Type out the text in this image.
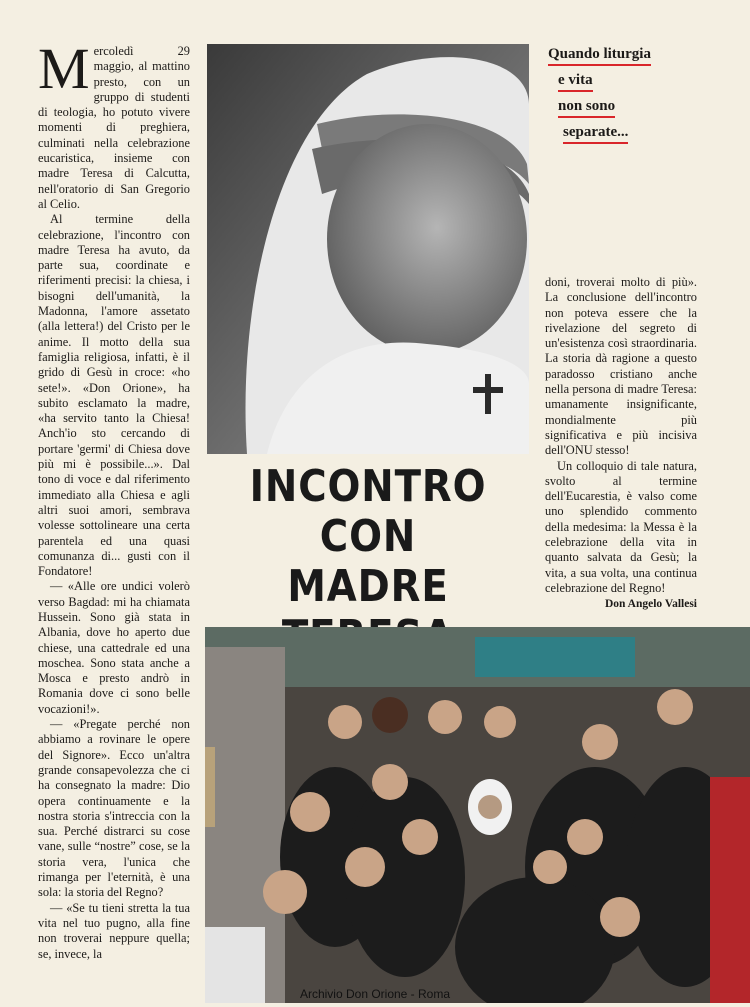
Mercoledì 29 maggio, al mattino presto, con un gruppo di studenti di teologia, ho potuto vivere momenti di preghiera, culminati nella celebrazione eucaristica, insieme con madre Teresa di Calcutta, nell'oratorio di San Gregorio al Celio.

Al termine della celebrazione, l'incontro con madre Teresa ha avuto, da parte sua, coordinate e riferimenti precisi: la chiesa, i bisogni dell'umanità, la Madonna, l'amore assetato (alla lettera!) del Cristo per le anime. Il motto della sua famiglia religiosa, infatti, è il grido di Gesù in croce: «ho sete!». «Don Orione», ha subito esclamato la madre, «ha servito tanto la Chiesa! Anch'io sto cercando di portare 'germi' di Chiesa dove più mi è possibile...». Dal tono di voce e dal riferimento immediato alla Chiesa e agli altri suoi amori, sembrava volesse sottolineare una certa parentela ed una quasi comunanza di... gusti con il Fondatore!

— «Alle ore undici volerò verso Bagdad: mi ha chiamata Hussein. Sono già stata in Albania, dove ho aperto due chiese, una cattedrale ed una moschea. Sono stata anche a Mosca e presto andrò in Romania dove ci sono belle vocazioni!».

— «Pregate perché non abbiamo a rovinare le opere del Signore». Ecco un'altra grande consapevolezza che ci ha consegnato la madre: Dio opera continuamente e la nostra storia s'intreccia con la sua. Perché distrarci su cose vane, sulle “nostre” cose, se la storia vera, l'unica che rimanga per l'eternità, è una sola: la storia del Regno?

— «Se tu tieni stretta la tua vita nel tuo pugno, alla fine non troverai neppure quella; se, invece, la

Quando liturgia
e vita
non sono
separate...

doni, troverai molto di più». La conclusione dell'incontro non poteva essere che la rivelazione del segreto di un'esistenza così straordinaria. La storia dà ragione a questo paradosso cristiano anche nella persona di madre Teresa: umanamente insignificante, mondialmente più significativa e più incisiva dell'ONU stesso!

Un colloquio di tale natura, svolto al termine dell'Eucarestia, è valso come uno splendido commento della medesima: la Messa è la celebrazione della vita in quanto salvata da Gesù; la vita, a sua volta, una continua celebrazione del Regno!

Don Angelo Vallesi
INCONTRO
CON
MADRE
Archivio Don Orione - Roma
